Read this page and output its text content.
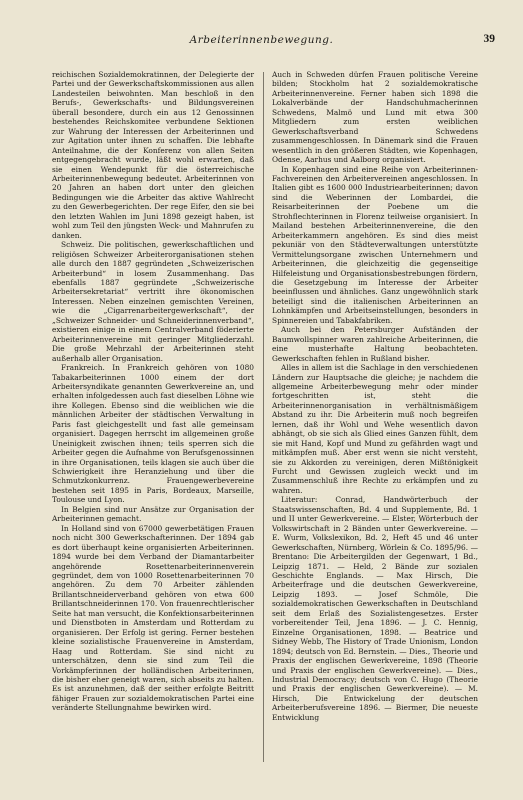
Arbeiterinnenbewegung.	39

reichischen Sozialdemokratinnen, der Delegierte der Partei und der Gewerkschaftskommissionen aus allen Landesteilen beiwohnten. Man beschloß in den Berufs-, Gewerkschafts- und Bildungsvereinen überall besondere, durch ein aus 12 Genossinnen bestehendes Reichskomitee verbundene Sektionen zur Wahrung der Interessen der Arbeiterinnen und zur Agitation unter ihnen zu schaffen. Die lebhafte Anteilnahme, die der Konferenz von allen Seiten entgegengebracht wurde, läßt wohl erwarten, daß sie einen Wendepunkt für die österreichische Arbeiterinnenbewegung bedeutet. Arbeiterinnen von 20 Jahren an haben dort unter den gleichen Bedingungen wie die Arbeiter das aktive Wahlrecht zu den Gewerbegerichten. Der rege Eifer, den sie bei den letzten Wahlen im Juni 1898 gezeigt haben, ist wohl zum Teil den jüngsten Weck- und Mahnrufen zu danken.

Schweiz. Die politischen, gewerkschaftlichen und religiösen Schweizer Arbeiterorganisationen stehen alle durch den 1887 gegründeten „Schweizerischen Arbeiterbund“ in losem Zusammenhang. Das ebenfalls 1887 gegründete „Schweizerische Arbeitersekretariat“ vertritt ihre ökonomischen Interessen. Neben einzelnen gemischten Vereinen, wie die „Cigarrenarbeitergewerkschaft“, der „Schweizer Schneider- und Schneiderinnenverband“, existieren einige in einem Centralverband föderierte Arbeiterinnenvereine mit geringer Mitgliederzahl. Die große Mehrzahl der Arbeiterinnen steht außerhalb aller Organisation.

Frankreich. In Frankreich gehören von 1080 Tabakarbeiterinnen 1000 einem der dort Arbeitersyndikate genannten Gewerkvereine an, und erhalten infolgedessen auch fast dieselben Löhne wie ihre Kollegen. Ebenso sind die weiblichen wie die männlichen Arbeiter der städtischen Verwaltung in Paris fast gleichgestellt und fast alle gemeinsam organisiert. Dagegen herrscht im allgemeinen große Uneinigkeit zwischen ihnen; teils sperren sich die Arbeiter gegen die Aufnahme von Berufsgenossinnen in ihre Organisationen, teils klagen sie auch über die Schwierigkeit ihre Heranziehung und über die Schmutzkonkurrenz. Frauengewerbevereine bestehen seit 1895 in Paris, Bordeaux, Marseille, Toulouse und Lyon.

In Belgien sind nur Ansätze zur Organisation der Arbeiterinnen gemacht.

In Holland sind von 67000 gewerbetätigen Frauen noch nicht 300 Gewerkschafterinnen. Der 1894 gab es dort überhaupt keine organisierten Arbeiterinnen. 1894 wurde bei dem Verband der Diamantarbeiter angehörende Rosettenarbeiterinnenverein gegründet, dem von 1000 Rosettenarbeiterinnen 70 angehören. Zu dem 70 Arbeiter zählenden Brillantschneiderverband gehören von etwa 600 Brillantschneiderinnen 170. Von frauenrechtlerischer Seite hat man versucht, die Konfektionsarbeiterinnen und Dienstboten in Amsterdam und Rotterdam zu organisieren. Der Erfolg ist gering. Ferner bestehen kleine sozialistische Frauenvereine in Amsterdam, Haag und Rotterdam. Sie sind nicht zu unterschätzen, denn sie sind zum Teil die Vorkämpferinnen der holländischen Arbeiterinnen, die bisher eher geneigt waren, sich abseits zu halten. Es ist anzunehmen, daß der seither erfolgte Beitritt fähiger Frauen zur sozialdemokratischen Partei eine veränderte Stellungnahme bewirken wird.

Auch in Schweden dürfen Frauen politische Vereine bilden; Stockholm hat 2 sozialdemokratische Arbeiterinnenvereine. Ferner haben sich 1898 die Lokalverbände der Handschuhmacherinnen Schwedens, Malmö und Lund mit etwa 300 Mitgliedern zum ersten weiblichen Gewerkschaftsverband Schwedens zusammengeschlossen. In Dänemark sind die Frauen wesentlich in den größeren Städten, wie Kopenhagen, Odense, Aarhus und Aalborg organisiert.

In Kopenhagen sind eine Reihe von Arbeiterinnen-Fachvereinen den Arbeitervereinen angeschlossen. In Italien gibt es 1600 000 Industriearbeiterinnen; davon sind die Weberinnen der Lombardei, die Reisarbeiterinnen der Poebene um die Strohflechterinnen in Florenz teilweise organisiert. In Mailand bestehen Arbeiterinnenvereine, die den Arbeiterkammern angehören. Es sind dies meist pekuniär von den Städteverwaltungen unterstützte Vermittelungsorgane zwischen Unternehmern und Arbeiterinnen, die gleichzeitig die gegenseitige Hilfeleistung und Organisationsbestrebungen fördern, die Gesetzgebung im Interesse der Arbeiter beeinflussen und ähnliches. Ganz ungewöhnlich stark beteiligt sind die italienischen Arbeiterinnen an Lohnkämpfen und Arbeitseinstellungen, besonders in Spinnereien und Tabakfabriken.

Auch bei den Petersburger Aufständen der Baumwollspinner waren zahlreiche Arbeiterinnen, die eine musterhafte Haltung beobachteten. Gewerkschaften fehlen in Rußland bisher.

Alles in allem ist die Sachlage in den verschiedenen Ländern zur Hauptsache die gleiche; je nachdem die allgemeine Arbeiterbewegung mehr oder minder fortgeschritten ist, steht die Arbeiterinnenorganisation in verhältnismäßigem Abstand zu ihr. Die Arbeiterin muß noch begreifen lernen, daß ihr Wohl und Wehe wesentlich davon abhängt, ob sie sich als Glied eines Ganzen fühlt, dem sie mit Hand, Kopf und Mund zu gefährden wagt und mitkämpfen muß. Aber erst wenn sie nicht versteht, sie zu Akkorden zu vereinigen, deren Mißtönigkeit Furcht und Gewissen zugleich weckt und im Zusammenschluß ihre Rechte zu erkämpfen und zu wahren.

Literatur: Conrad, Handwörterbuch der Staatswissenschaften, Bd. 4 und Supplemente, Bd. 1 und II unter Gewerkvereine. — Elster, Wörterbuch der Volkswirtschaft in 2 Bänden unter Gewerkvereine. — E. Wurm, Volkslexikon, Bd. 2, Heft 45 und 46 unter Gewerkschaften, Nürnberg, Wörlein & Co. 1895/96. — Brentano: Die Arbeitergilden der Gegenwart, 1 Bd., Leipzig 1871. — Held, 2 Bände zur sozialen Geschichte Englands. — Max Hirsch, Die Arbeiterfrage und die deutschen Gewerkvereine, Leipzig 1893. — Josef Schmöle, Die sozialdemokratischen Gewerkschaften in Deutschland seit dem Erlaß des Sozialistengesetzes. Erster vorbereitender Teil, Jena 1896. — J. C. Hennig, Einzelne Organisationen, 1898. — Beatrice und Sidney Webb, The History of Trade Unionism, London 1894; deutsch von Ed. Bernstein. — Dies., Theorie und Praxis der englischen Gewerkvereine, 1898 (Theorie und Praxis der englischen Gewerkvereine). — Dies., Industrial Democracy; deutsch von C. Hugo (Theorie und Praxis der englischen Gewerkvereine). — M. Hirsch, Die Entwickelung der deutschen Arbeiterberufsvereine 1896. — Biermer, Die neueste Entwicklung
